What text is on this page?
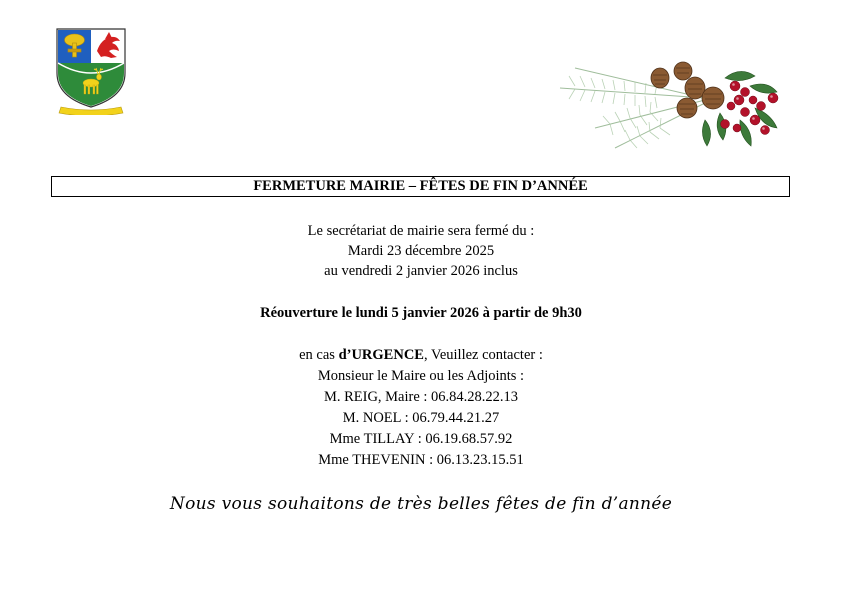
FERMETURE MAIRIE – FÊTES DE FIN D’ANNÉE
Le secrétariat de mairie sera fermé du :
Mardi 23 décembre 2025
au vendredi 2 janvier 2026 inclus
Réouverture le lundi 5 janvier 2026 à partir de 9h30
en cas d’URGENCE, Veuillez contacter :
Monsieur le Maire ou les Adjoints :
M. REIG, Maire : 06.84.28.22.13
M. NOEL : 06.79.44.21.27
Mme TILLAY : 06.19.68.57.92
Mme THEVENIN : 06.13.23.15.51
Nous vous souhaitons de très belles fêtes de fin d’année
